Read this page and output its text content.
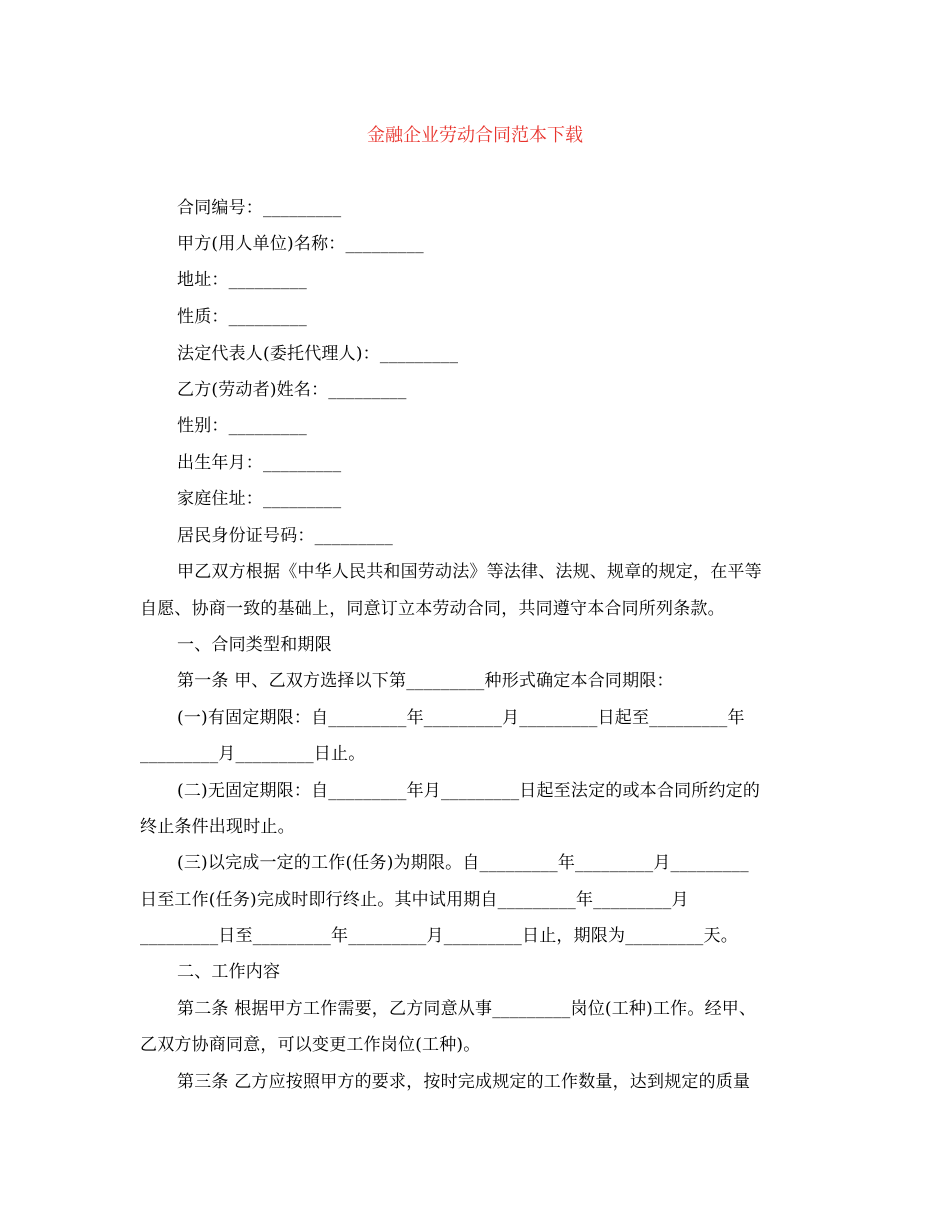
金融企业劳动合同范本下载
合同编号：_________
甲方(用人单位)名称：_________
地址：_________
性质：_________
法定代表人(委托代理人)：_________
乙方(劳动者)姓名：_________
性别：_________
出生年月：_________
家庭住址：_________
居民身份证号码：_________
甲乙双方根据《中华人民共和国劳动法》等法律、法规、规章的规定，在平等
自愿、协商一致的基础上，同意订立本劳动合同，共同遵守本合同所列条款。
一、合同类型和期限
第一条 甲、乙双方选择以下第_________种形式确定本合同期限：
(一)有固定期限：自_________年_________月_________日起至_________年
_________月_________日止。
(二)无固定期限：自_________年月_________日起至法定的或本合同所约定的
终止条件出现时止。
(三)以完成一定的工作(任务)为期限。自_________年_________月_________
日至工作(任务)完成时即行终止。其中试用期自_________年_________月
_________日至_________年_________月_________日止，期限为_________天。
二、工作内容
第二条 根据甲方工作需要，乙方同意从事_________岗位(工种)工作。经甲、
乙双方协商同意，可以变更工作岗位(工种)。
第三条 乙方应按照甲方的要求，按时完成规定的工作数量，达到规定的质量
